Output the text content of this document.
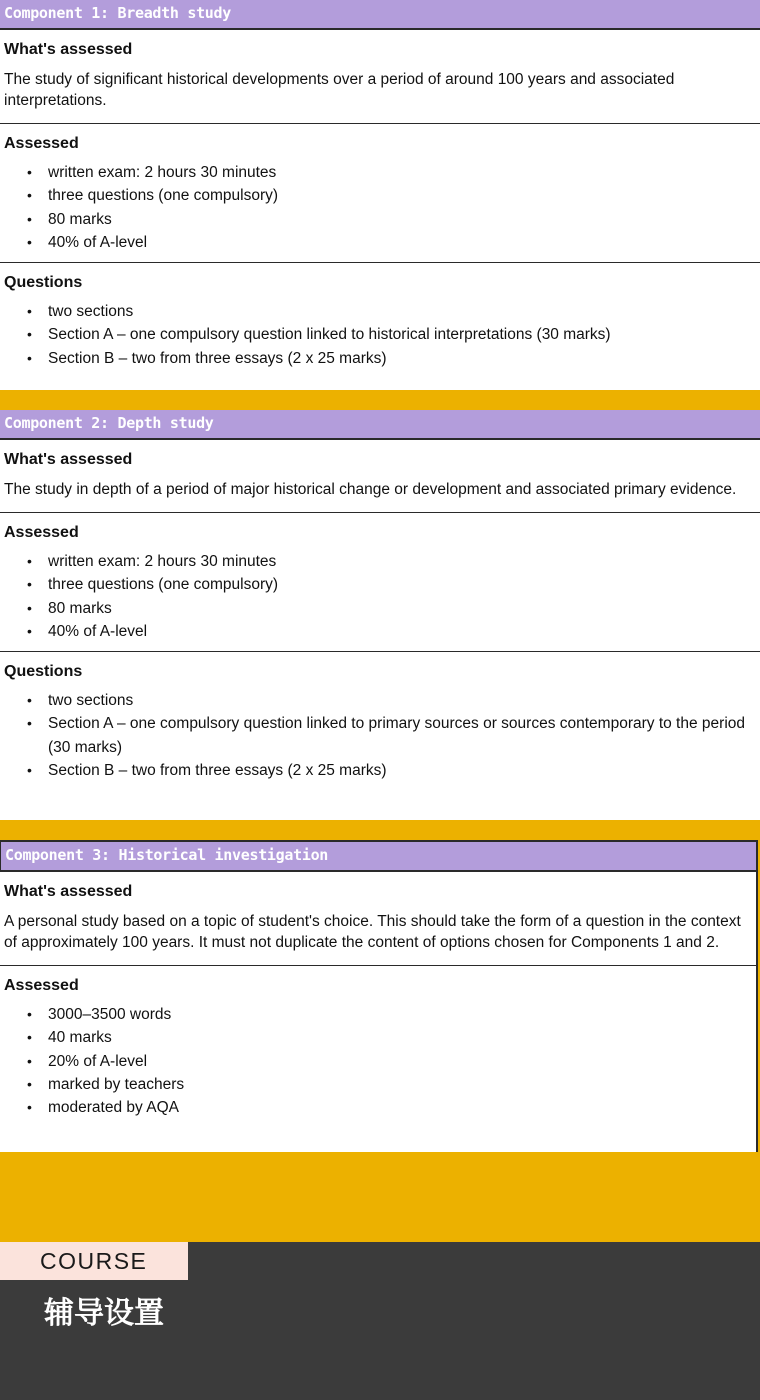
Component 1: Breadth study
What's assessed
The study of significant historical developments over a period of around 100 years and associated interpretations.
Assessed
• written exam: 2 hours 30 minutes
• three questions (one compulsory)
• 80 marks
• 40% of A-level
Questions
• two sections
• Section A – one compulsory question linked to historical interpretations (30 marks)
• Section B – two from three essays (2 x 25 marks)
Component 2: Depth study
What's assessed
The study in depth of a period of major historical change or development and associated primary evidence.
Assessed
• written exam: 2 hours 30 minutes
• three questions (one compulsory)
• 80 marks
• 40% of A-level
Questions
• two sections
• Section A – one compulsory question linked to primary sources or sources contemporary to the period (30 marks)
• Section B – two from three essays (2 x 25 marks)
Component 3: Historical investigation
What's assessed
A personal study based on a topic of student's choice. This should take the form of a question in the context of approximately 100 years. It must not duplicate the content of options chosen for Components 1 and 2.
Assessed
• 3000–3500 words
• 40 marks
• 20% of A-level
• marked by teachers
• moderated by AQA
COURSE
辅导设置
